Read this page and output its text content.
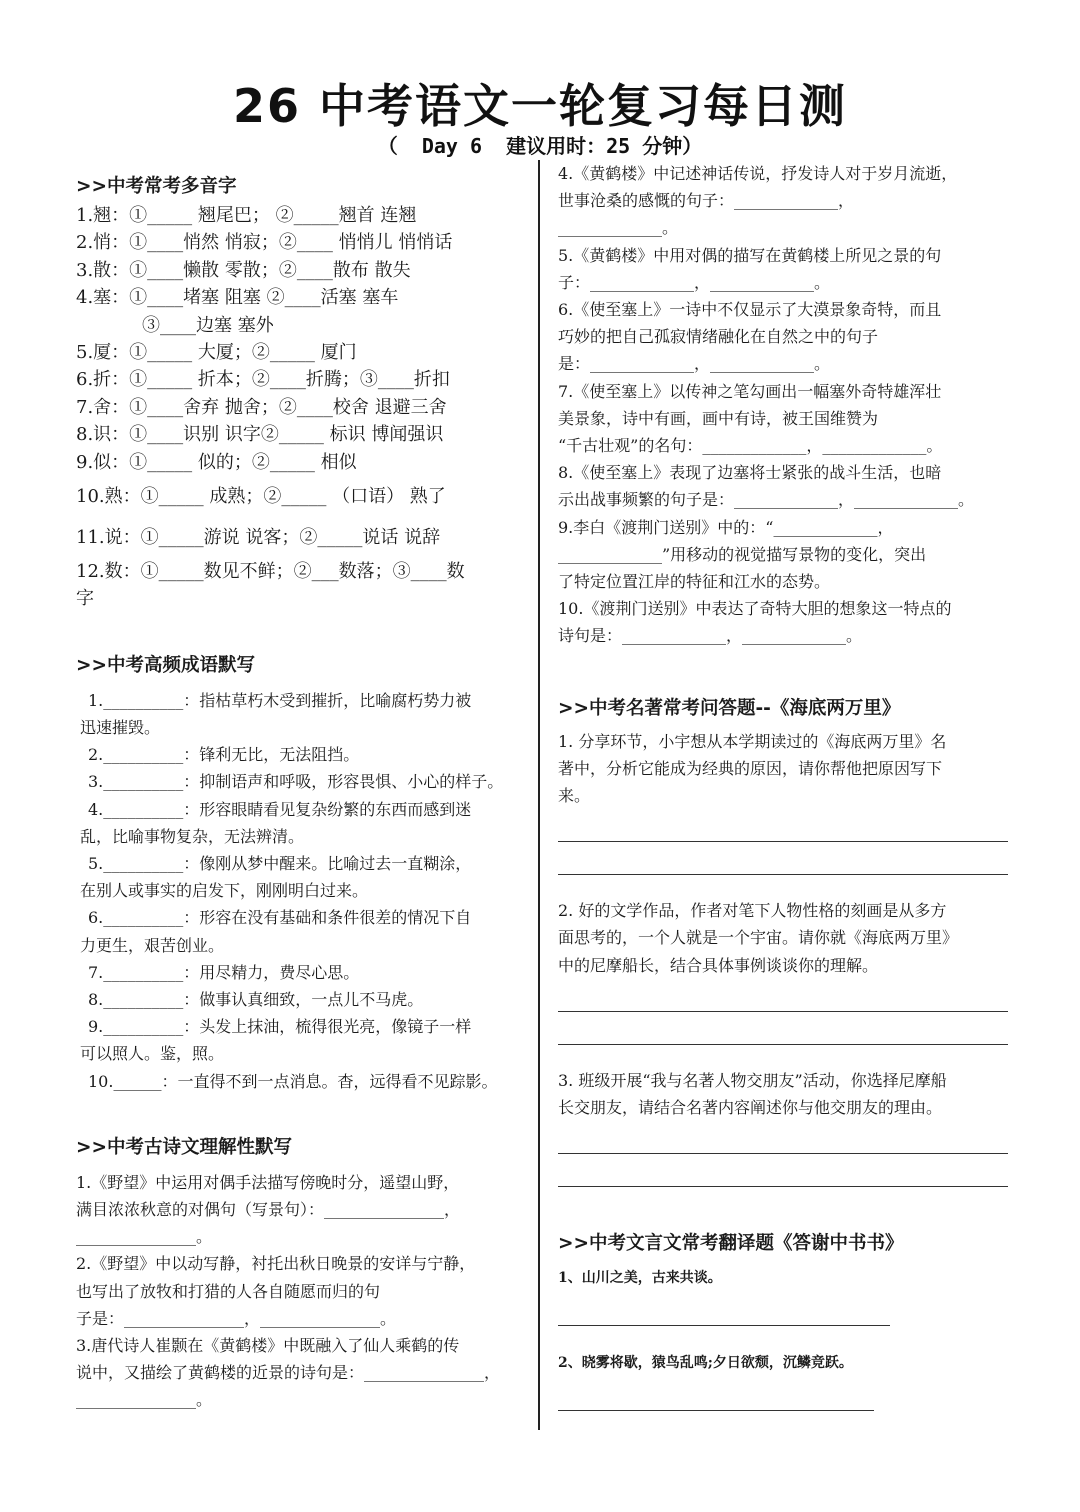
26 中考语文一轮复习每日测
（  Day 6  建议用时：25 分钟）
>>中考常考多音字
1.翘：①_____ 翘尾巴； ②_____翘首 连翘
2.悄：①____悄然 悄寂；②____ 悄悄儿 悄悄话
3.散：①____懒散 零散；②____散布 散失
4.塞：①____堵塞 阻塞 ②____活塞 塞车
③____边塞 塞外
5.厦：①_____ 大厦；②_____ 厦门
6.折：①_____ 折本；②____折腾；③____折扣
7.舍：①____舍弃 抛舍；②____校舍 退避三舍
8.识：①____识别 识字②_____ 标识 博闻强识
9.似：①_____ 似的；②_____ 相似
10.熟：①_____ 成熟；②_____ （口语） 熟了
11.说：①_____游说 说客；②_____说话 说辞
12.数：①_____数见不鲜；②___数落；③____数
字
>>中考高频成语默写
1.__________：指枯草朽木受到摧折，比喻腐朽势力被
迅速摧毁。
2.__________：锋利无比，无法阻挡。
3.__________：抑制语声和呼吸，形容畏惧、小心的样子。
4.__________：形容眼睛看见复杂纷繁的东西而感到迷
乱，比喻事物复杂，无法辨清。
5.__________：像刚从梦中醒来。比喻过去一直糊涂，
在别人或事实的启发下，刚刚明白过来。
6.__________：形容在没有基础和条件很差的情况下自
力更生，艰苦创业。
7.__________：用尽精力，费尽心思。
8.__________：做事认真细致，一点儿不马虎。
9.__________：头发上抹油，梳得很光亮，像镜子一样
可以照人。鉴，照。
10.______：一直得不到一点消息。杳，远得看不见踪影。
>>中考古诗文理解性默写
1.《野望》中运用对偶手法描写傍晚时分，遥望山野，
满目浓浓秋意的对偶句（写景句）：_______________，
_______________。
2.《野望》中以动写静，衬托出秋日晚景的安详与宁静，
也写出了放牧和打猎的人各自随愿而归的句
子是：_______________，_______________。
3.唐代诗人崔颢在《黄鹤楼》中既融入了仙人乘鹤的传
说中，又描绘了黄鹤楼的近景的诗句是：_______________，
_______________。
4.《黄鹤楼》中记述神话传说，抒发诗人对于岁月流逝，
世事沧桑的感慨的句子：_____________，
_____________。
5.《黄鹤楼》中用对偶的描写在黄鹤楼上所见之景的句
子：_____________，_____________。
6.《使至塞上》一诗中不仅显示了大漠景象奇特，而且
巧妙的把自己孤寂情绪融化在自然之中的句子
是：_____________，_____________。
7.《使至塞上》以传神之笔勾画出一幅塞外奇特雄浑壮
美景象，诗中有画，画中有诗，被王国维赞为
“千古壮观”的名句：_____________，_____________。
8.《使至塞上》表现了边塞将士紧张的战斗生活，也暗
示出战事频繁的句子是：_____________，_____________。
9.李白《渡荆门送别》中的：“_____________，
_____________”用移动的视觉描写景物的变化，突出
了特定位置江岸的特征和江水的态势。
10.《渡荆门送别》中表达了奇特大胆的想象这一特点的
诗句是：_____________，_____________。
>>中考名著常考问答题--《海底两万里》
1. 分享环节，小宇想从本学期读过的《海底两万里》名
著中，分析它能成为经典的原因，请你帮他把原因写下
来。
2. 好的文学作品，作者对笔下人物性格的刻画是从多方
面思考的，一个人就是一个宇宙。请你就《海底两万里》
中的尼摩船长，结合具体事例谈谈你的理解。
3. 班级开展“我与名著人物交朋友”活动，你选择尼摩船
长交朋友，请结合名著内容阐述你与他交朋友的理由。
>>中考文言文常考翻译题《答谢中书书》
1、山川之美，古来共谈。
2、晓雾将歇，猿鸟乱鸣;夕日欲颓，沉鳞竞跃。
